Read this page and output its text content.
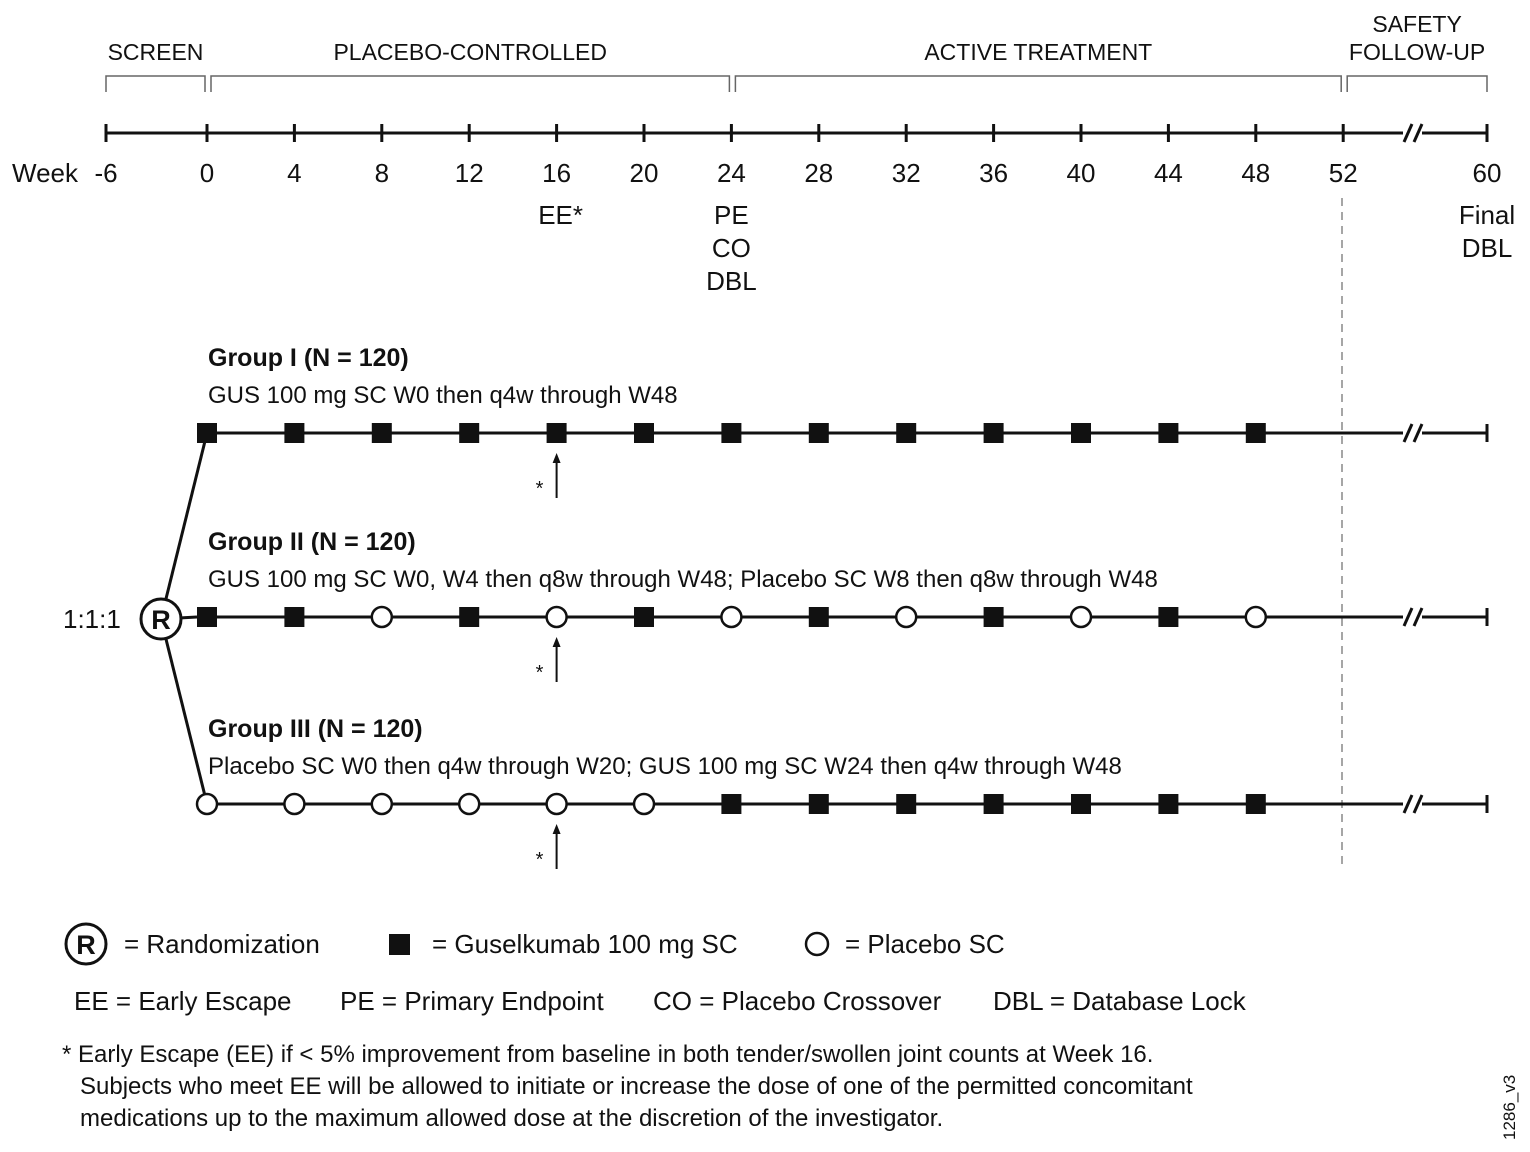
SCREEN	PLACEBO-CONTROLLED	ACTIVE TREATMENT
SAFETY
FOLLOW-UP
Week -6	0	4	8	12 16 20 24 28 32 36 40 44 48 52	60
EE*	PE
CO
DBL
Final
DBL
R
1:1:1
Group I (N = 120)
GUS 100 mg SC W0 then q4w through W48
*
Group II (N = 120)
GUS 100 mg SC W0, W4 then q8w through W48; Placebo SC W8 then q8w through W48
*
Group III (N = 120)
Placebo SC W0 then q4w through W20; GUS 100 mg SC W24 then q4w through W48
*
R = Randomization	= Guselkumab 100 mg SC	= Placebo SC
EE = Early Escape PE = Primary Endpoint CO = Placebo Crossover DBL = Database Lock
* Early Escape (EE) if < 5% improvement from baseline in both tender/swollen joint counts at Week 16.
Subjects who meet EE will be allowed to initiate or increase the dose of one of the permitted concomitant
medications up to the maximum allowed dose at the discretion of the investigator.	1286_v3
